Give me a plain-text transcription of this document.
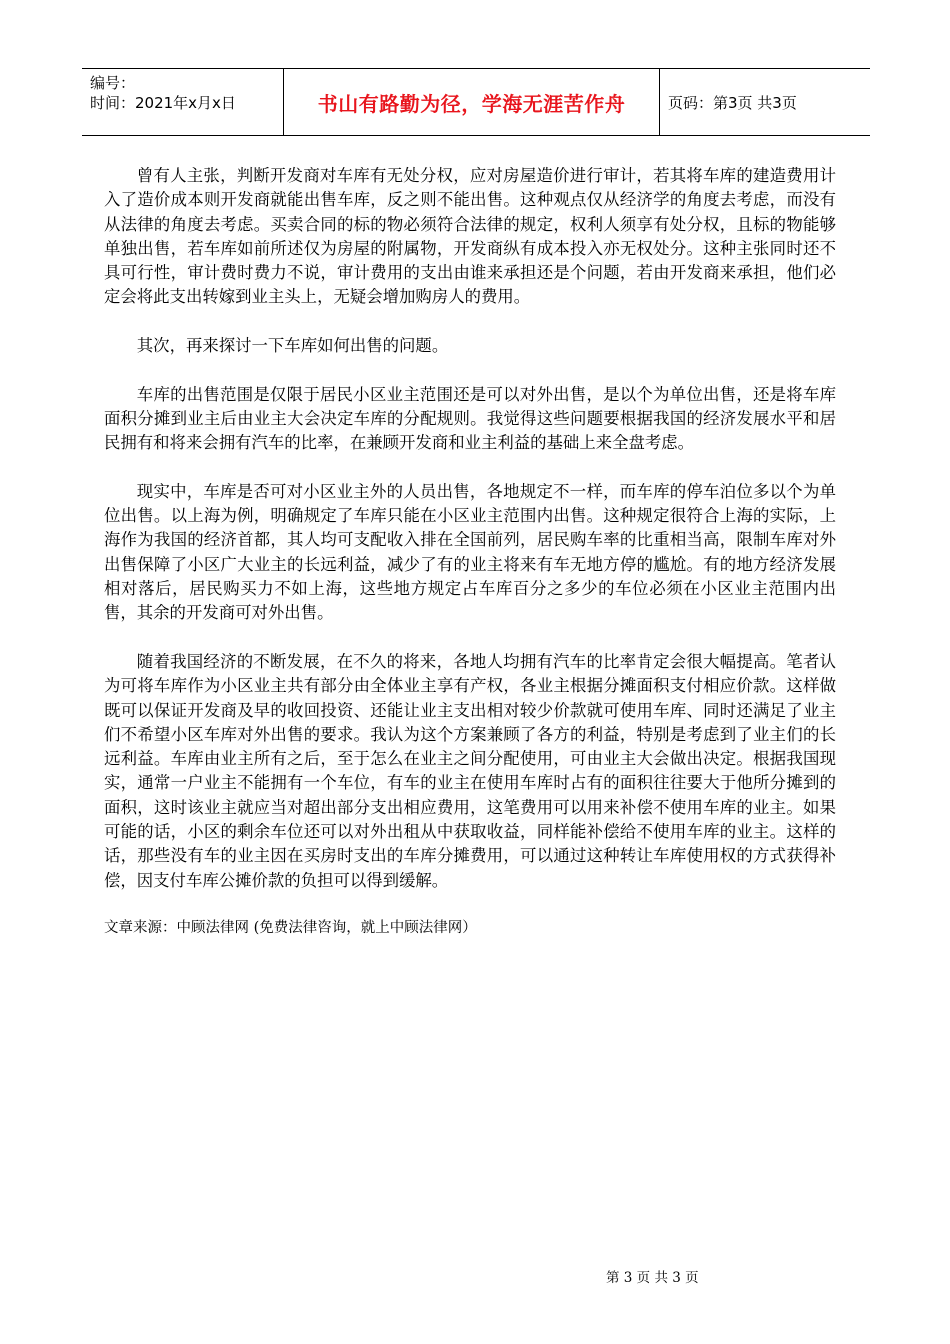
编号：
时间：2021年x月x日	书山有路勤为径，学海无涯苦作舟	页码：第3页 共3页

曾有人主张，判断开发商对车库有无处分权，应对房屋造价进行审计，若其将车库的建造费用计入了造价成本则开发商就能出售车库，反之则不能出售。这种观点仅从经济学的角度去考虑，而没有从法律的角度去考虑。买卖合同的标的物必须符合法律的规定，权利人须享有处分权，且标的物能够单独出售，若车库如前所述仅为房屋的附属物，开发商纵有成本投入亦无权处分。这种主张同时还不具可行性，审计费时费力不说，审计费用的支出由谁来承担还是个问题，若由开发商来承担，他们必定会将此支出转嫁到业主头上，无疑会增加购房人的费用。

其次，再来探讨一下车库如何出售的问题。

车库的出售范围是仅限于居民小区业主范围还是可以对外出售，是以个为单位出售，还是将车库面积分摊到业主后由业主大会决定车库的分配规则。我觉得这些问题要根据我国的经济发展水平和居民拥有和将来会拥有汽车的比率，在兼顾开发商和业主利益的基础上来全盘考虑。

现实中，车库是否可对小区业主外的人员出售，各地规定不一样，而车库的停车泊位多以个为单位出售。以上海为例，明确规定了车库只能在小区业主范围内出售。这种规定很符合上海的实际，上海作为我国的经济首都，其人均可支配收入排在全国前列，居民购车率的比重相当高，限制车库对外出售保障了小区广大业主的长远利益，减少了有的业主将来有车无地方停的尴尬。有的地方经济发展相对落后，居民购买力不如上海，这些地方规定占车库百分之多少的车位必须在小区业主范围内出售，其余的开发商可对外出售。

随着我国经济的不断发展，在不久的将来，各地人均拥有汽车的比率肯定会很大幅提高。笔者认为可将车库作为小区业主共有部分由全体业主享有产权，各业主根据分摊面积支付相应价款。这样做既可以保证开发商及早的收回投资、还能让业主支出相对较少价款就可使用车库、同时还满足了业主们不希望小区车库对外出售的要求。我认为这个方案兼顾了各方的利益，特别是考虑到了业主们的长远利益。车库由业主所有之后，至于怎么在业主之间分配使用，可由业主大会做出决定。根据我国现实，通常一户业主不能拥有一个车位，有车的业主在使用车库时占有的面积往往要大于他所分摊到的面积，这时该业主就应当对超出部分支出相应费用，这笔费用可以用来补偿不使用车库的业主。如果可能的话，小区的剩余车位还可以对外出租从中获取收益，同样能补偿给不使用车库的业主。这样的话，那些没有车的业主因在买房时支出的车库分摊费用，可以通过这种转让车库使用权的方式获得补偿，因支付车库公摊价款的负担可以得到缓解。

文章来源：中顾法律网 (免费法律咨询，就上中顾法律网）

第 3 页 共 3 页
